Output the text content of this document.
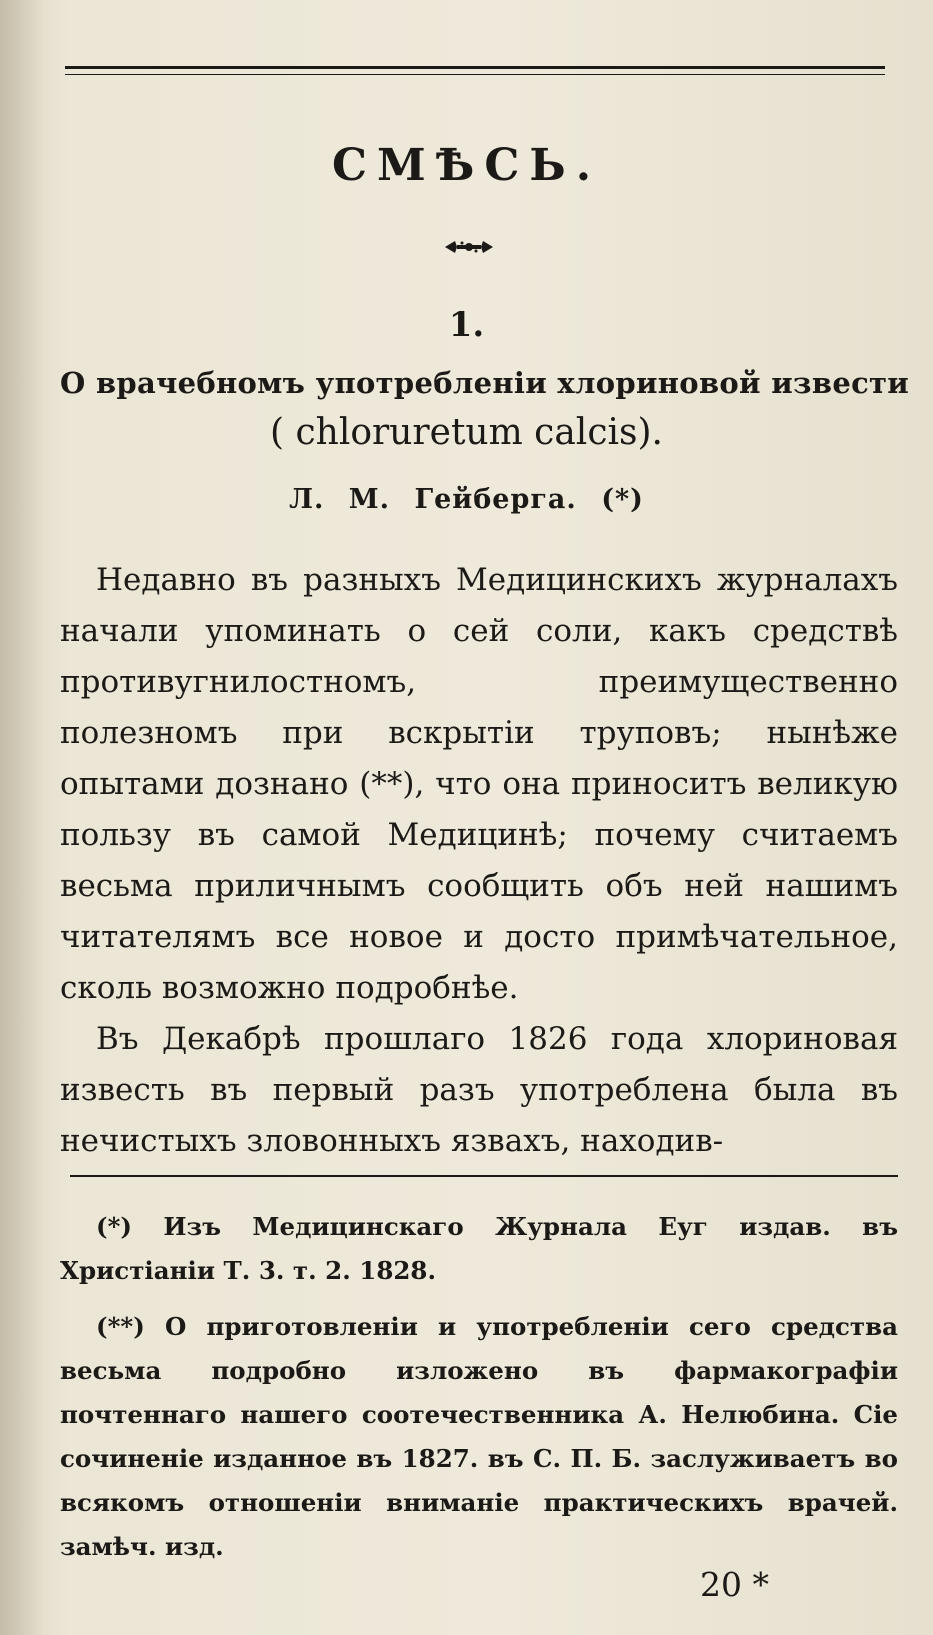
СМѢСЬ.
1.
О врачебномъ употребленiи хлориновой извести
( chloruretum calcis).
Л. М. Гейберга. (*)

Недавно въ разныхъ Медицинскихъ журналахъ начали упоминать о сей соли, какъ средствѣ противугнилостномъ, преимущественно полезномъ при вскрытiи труповъ; нынѣже опытами дознано (**), что она приноситъ великую пользу въ самой Медицинѣ; почему считаемъ весьма приличнымъ сообщить объ ней нашимъ читателямъ все новое и досто примѣчательное, сколь возможно подробнѣе.

Въ Декабрѣ прошлаго 1826 года хлориновая известь въ первый разъ употреблена была въ нечистыхъ зловонныхъ язвахъ, находив-

(*) Изъ Медицинскаго Журнала Еуг издав. въ Христiанiи Т. 3. т. 2. 1828.

(**) О приготовленiи и употребленiи сего средства весьма подробно изложено въ фармакографiи почтеннаго нашего соотечественника А. Нелюбина. Сiе сочиненiе изданное въ 1827. въ С. П. Б. заслуживаетъ во всякомъ отношенiи вниманiе практическихъ врачей. замѣч. изд.

20 *
